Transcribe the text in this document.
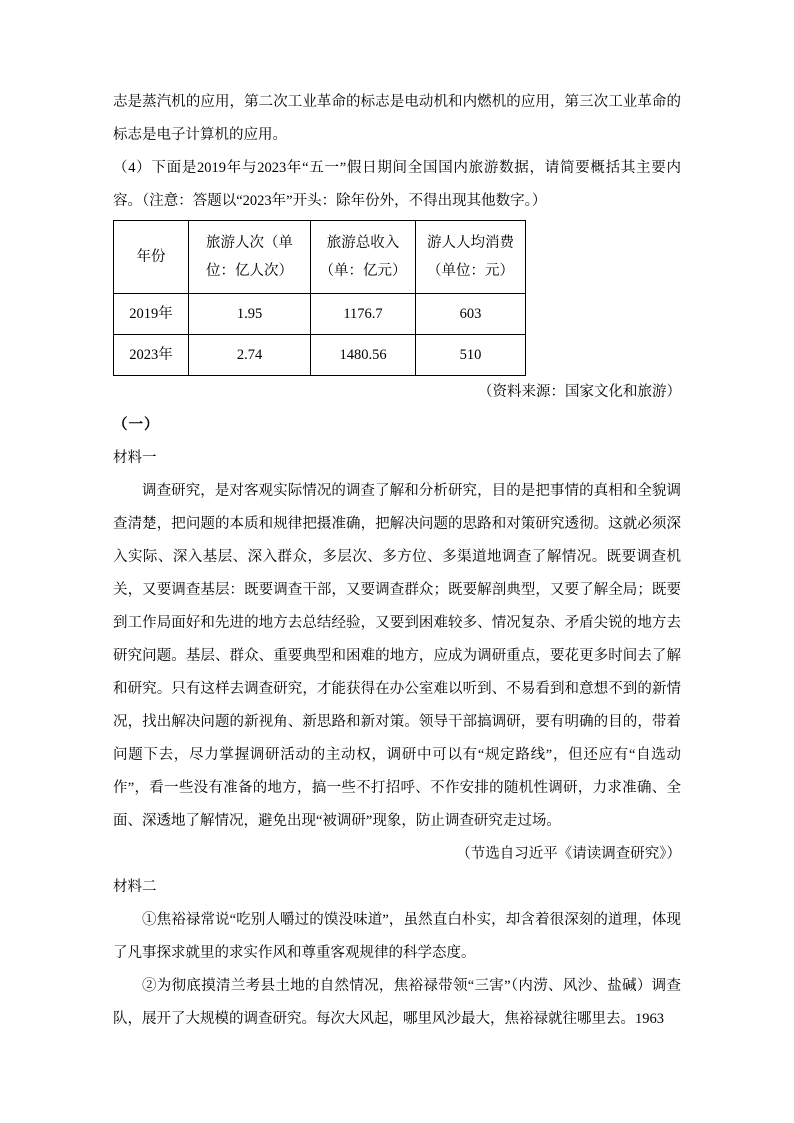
志是蒸汽机的应用，第二次工业革命的标志是电动机和内燃机的应用，第三次工业革命的标志是电子计算机的应用。

（4）下面是2019年与2023年“五一”假日期间全国国内旅游数据，请简要概括其主要内容。（注意：答题以“2023年”开头：除年份外，不得出现其他数字。）

年份	旅游人次（单位：亿人次）	旅游总收入（单：亿元）	游人人均消费（单位：元）
2019年	1.95	1176.7	603
2023年	2.74	1480.56	510

（资料来源：国家文化和旅游）

（一）

材料一

调查研究，是对客观实际情况的调查了解和分析研究，目的是把事情的真相和全貌调查清楚，把问题的本质和规律把摄准确，把解决问题的思路和对策研究透彻。这就必须深入实际、深入基层、深入群众，多层次、多方位、多渠道地调查了解情况。既要调查机关，又要调查基层：既要调查干部，又要调查群众；既要解剖典型，又要了解全局；既要到工作局面好和先进的地方去总结经验，又要到困难较多、情况复杂、矛盾尖锐的地方去研究问题。基层、群众、重要典型和困难的地方，应成为调研重点，要花更多时间去了解和研究。只有这样去调查研究，才能获得在办公室难以听到、不易看到和意想不到的新情况，找出解决问题的新视角、新思路和新对策。领导干部搞调研，要有明确的目的，带着问题下去，尽力掌握调研活动的主动权，调研中可以有“规定路线”，但还应有“自选动作”，看一些没有准备的地方，搞一些不打招呼、不作安排的随机性调研，力求准确、全面、深透地了解情况，避免出现“被调研”现象，防止调查研究走过场。

（节选自习近平《请读调查研究》）

材料二

①焦裕禄常说“吃别人嚼过的馍没味道”，虽然直白朴实，却含着很深刻的道理，体现了凡事探求就里的求实作风和尊重客观规律的科学态度。

②为彻底摸清兰考县土地的自然情况，焦裕禄带领“三害”（内涝、风沙、盐碱）调查队，展开了大规模的调查研究。每次大风起，哪里风沙最大，焦裕禄就往哪里去。1963
